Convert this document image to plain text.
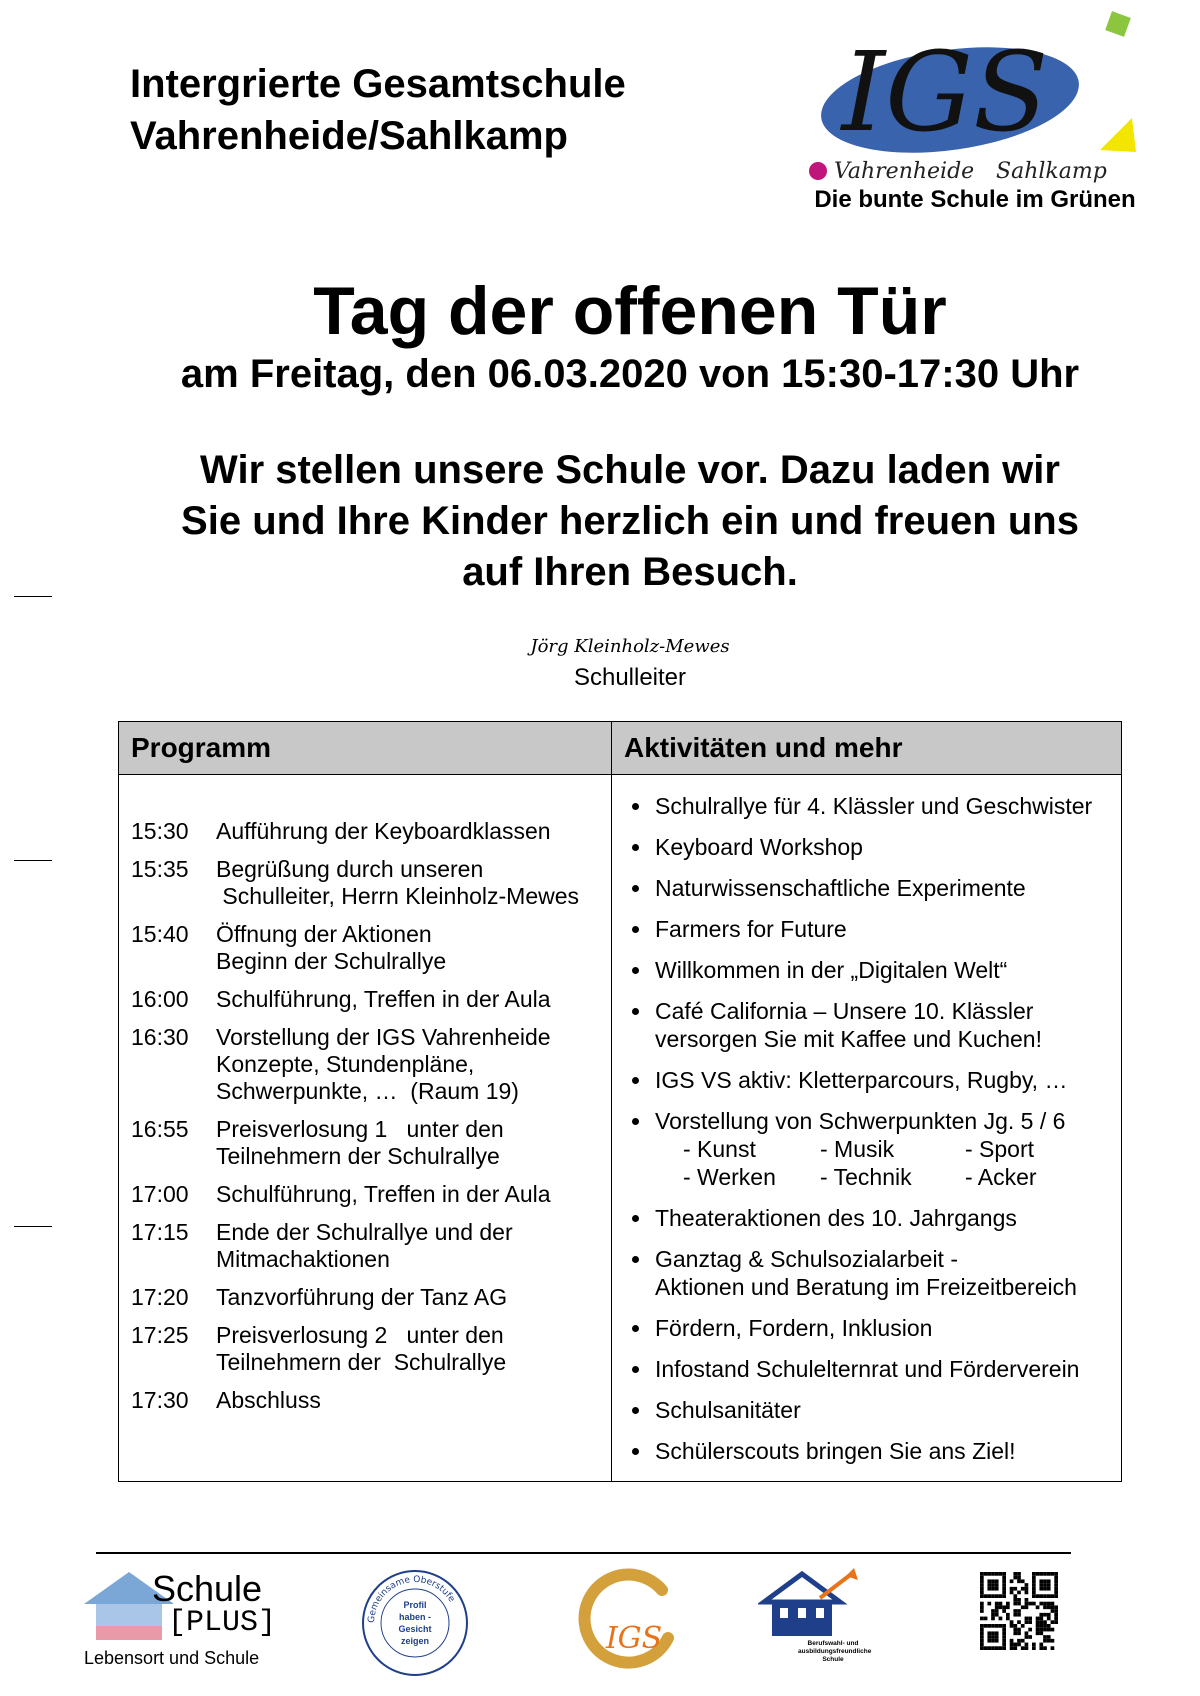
Intergrierte Gesamtschule
Vahrenheide/Sahlkamp	IGS
Vahrenheide Sahlkamp
Die bunte Schule im Grünen
Tag der offenen Tür
am Freitag, den 06.03.2020 von 15:30-17:30 Uhr
Wir stellen unsere Schule vor. Dazu laden wir
Sie und Ihre Kinder herzlich ein und freuen uns
auf Ihren Besuch.
Jörg Kleinholz-Mewes
Schulleiter
Programm	Aktivitäten und mehr
15:30	Aufführung der Keyboardklassen
15:35	Begrüßung durch unseren
Schulleiter, Herrn Kleinholz-Mewes
15:40	Öffnung der Aktionen
Beginn der Schulrallye
16:00	Schulführung, Treffen in der Aula
16:30	Vorstellung der IGS Vahrenheide
Konzepte, Stundenpläne,
Schwerpunkte, …  (Raum 19)
16:55	Preisverlosung 1   unter den
Teilnehmern der Schulrallye
17:00	Schulführung, Treffen in der Aula
17:15	Ende der Schulrallye und der
Mitmachaktionen
17:20	Tanzvorführung der Tanz AG
17:25	Preisverlosung 2   unter den
Teilnehmern der  Schulrallye
17:30	Abschluss
Schulrallye für 4. Klässler und Geschwister
Keyboard Workshop
Naturwissenschaftliche Experimente
Farmers for Future
Willkommen in der „Digitalen Welt“
Café California – Unsere 10. Klässler
versorgen Sie mit Kaffee und Kuchen!
IGS VS aktiv: Kletterparcours, Rugby, …
Vorstellung von Schwerpunkten Jg. 5 / 6
- Kunst	- Musik	- Sport
- Werken	- Technik	- Acker
Theateraktionen des 10. Jahrgangs
Ganztag & Schulsozialarbeit -
Aktionen und Beratung im Freizeitbereich
Fördern, Fordern, Inklusion
Infostand Schulelternrat und Förderverein
Schulsanitäter
Schülerscouts bringen Sie ans Ziel!
Schule
[PLUS]
Lebensort und Schule
Gemeinsame Oberstufe
Profil
haben -
Gesicht
zeigen	IGS	Berufswahl- und
ausbildungsfreundliche
Schule
